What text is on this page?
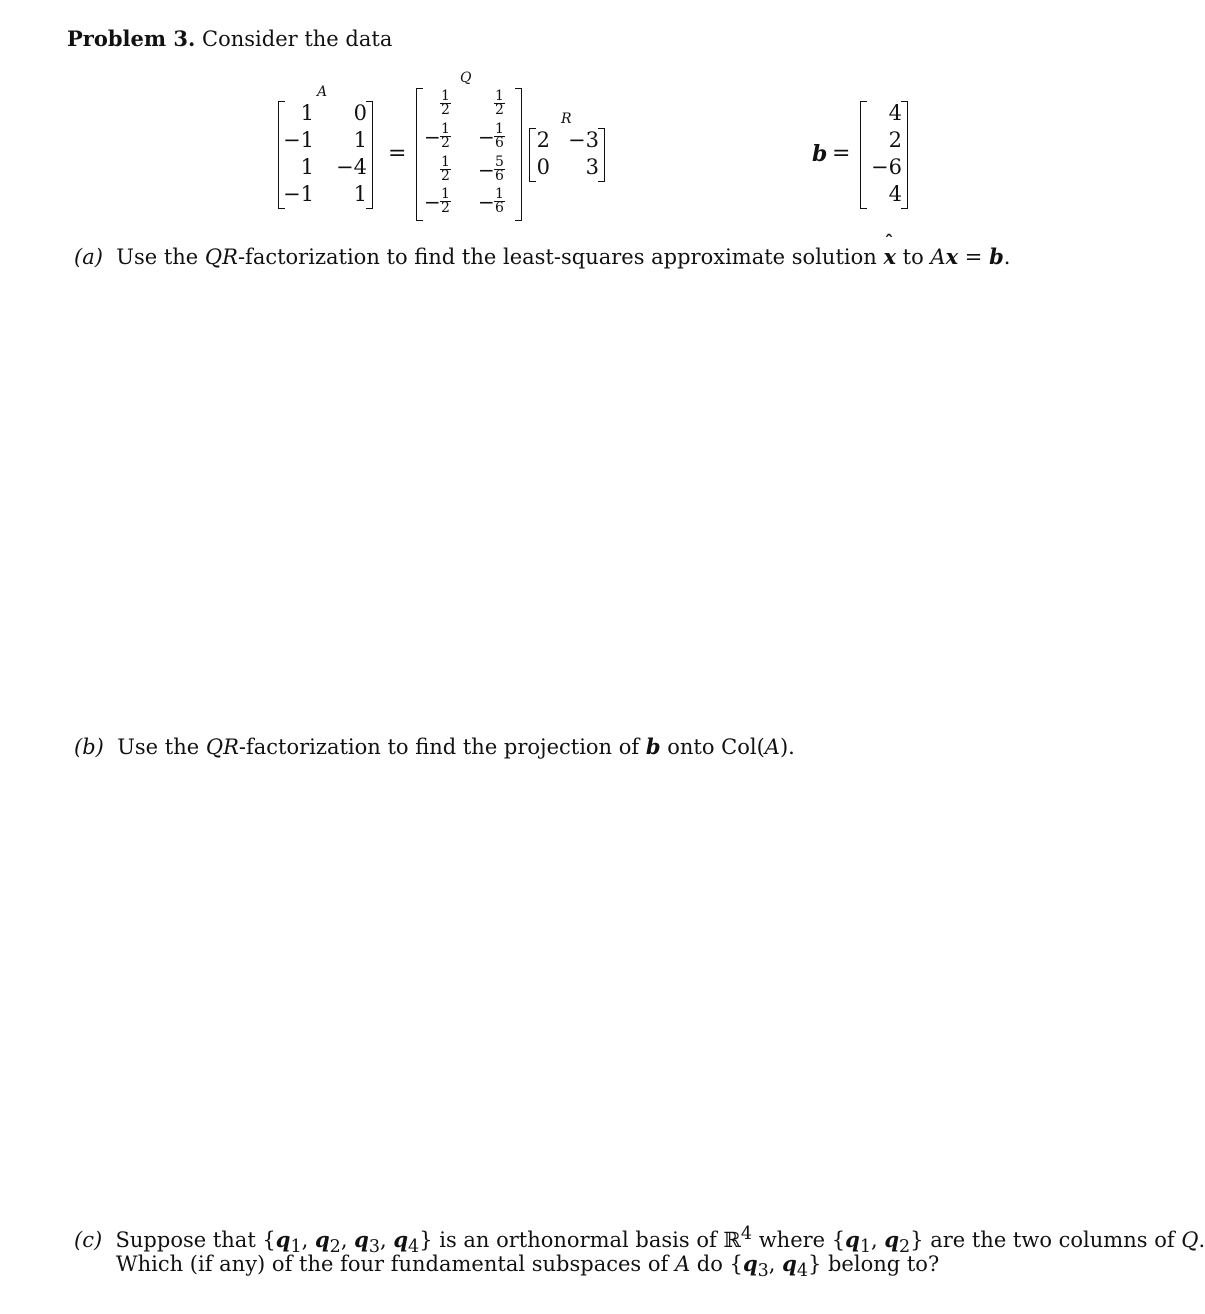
Problem 3. Consider the data
A
1 0
−1 1
1 −4
−1 1
=
Q
$\frac{1}{2}$	$\frac{1}{2}$
− $\frac{1}{2} - \frac{1}{6}$
$\frac{1}{2} - \frac{5}{6}$
− $\frac{1}{2} - \frac{1}{6}$
R
2 −3
0 3	b =
4
2
−6
4
(a) Use the QR-factorization to find the least-squares approximate solution ˆ x to Ax = b.
(b) Use the QR-factorization to find the projection of b onto Col(A).
(c) Suppose that {$q_1$, $q_2$, $q_3$, $q_4$} is an orthonormal basis of ℝ$^4$ where {$q_1$, $q_2$} are the two columns of Q.
Which (if any) of the four fundamental subspaces of A do {$q_3$, $q_4$} belong to?
